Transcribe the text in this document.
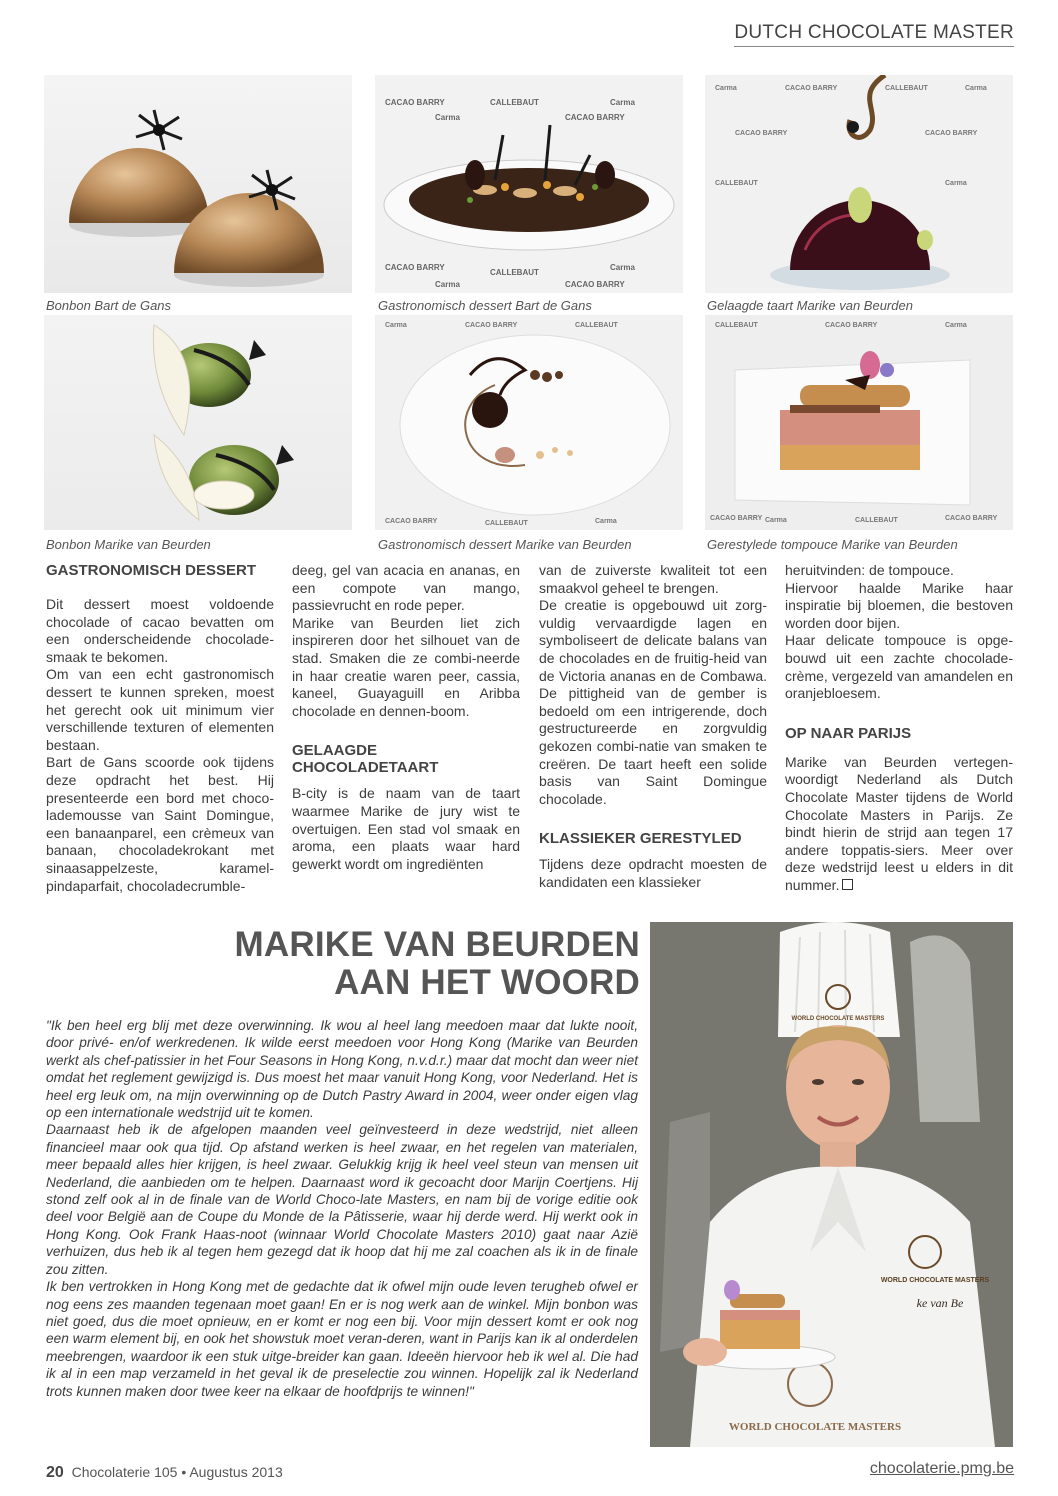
DUTCH CHOCOLATE MASTER
Bonbon Bart de Gans
CACAO BARRY	CALLEBAUT	Carma
Carma	CACAO BARRY
CACAO BARRY
CALLEBAUT
Carma
Carma	CACAO BARRY
Gastronomisch dessert Bart de Gans
Carma	CACAO BARRY	CALLEBAUT	Carma
CACAO BARRY	CACAO BARRY
CALLEBAUT	Carma
Gelaagde taart Marike van Beurden
Bonbon Marike van Beurden
Carma	CACAO BARRY	CALLEBAUT
CACAO BARRY	CALLEBAUT	Carma
Gastronomisch dessert Marike van Beurden
CALLEBAUT	CACAO BARRY	Carma
CACAO BARRY Carma	CALLEBAUT	CACAO BARRY
Gerestylede tompouce Marike van Beurden
GASTRONOMISCH DESSERT

Dit dessert moest voldoende chocolade of cacao bevatten om een onderscheidende chocolade-smaak te bekomen.

Om van een echt gastronomisch dessert te kunnen spreken, moest het gerecht ook uit minimum vier verschillende texturen of elementen bestaan.

Bart de Gans scoorde ook tijdens deze opdracht het best. Hij presenteerde een bord met choco-lademousse van Saint Domingue, een banaanparel, een crèmeux van banaan, chocoladekrokant met sinaasappelzeste, karamel-pindaparfait, chocoladecrumble-

deeg, gel van acacia en ananas, en een compote van mango, passievrucht en rode peper.

Marike van Beurden liet zich inspireren door het silhouet van de stad. Smaken die ze combi-neerde in haar creatie waren peer, cassia, kaneel, Guayaguill en Aribba chocolade en dennen-boom.

GELAAGDE CHOCOLADETAART

B-city is de naam van de taart waarmee Marike de jury wist te overtuigen. Een stad vol smaak en aroma, een plaats waar hard gewerkt wordt om ingrediënten

van de zuiverste kwaliteit tot een smaakvol geheel te brengen.

De creatie is opgebouwd uit zorg-vuldig vervaardigde lagen en symboliseert de delicate balans van de chocolades en de fruitig-heid van de Victoria ananas en de Combawa. De pittigheid van de gember is bedoeld om een intrigerende, doch gestructureerde en zorgvuldig gekozen combi-natie van smaken te creëren. De taart heeft een solide basis van Saint Domingue chocolade.

KLASSIEKER GERESTYLED

Tijdens deze opdracht moesten de kandidaten een klassieker

heruitvinden: de tompouce.

Hiervoor haalde Marike haar inspiratie bij bloemen, die bestoven worden door bijen.

Haar delicate tompouce is opge-bouwd uit een zachte chocolade-crème, vergezeld van amandelen en oranjebloesem.

OP NAAR PARIJS

Marike van Beurden vertegen-woordigt Nederland als Dutch Chocolate Master tijdens de World Chocolate Masters in Parijs. Ze bindt hierin de strijd aan tegen 17 andere toppatis-siers. Meer over deze wedstrijd leest u elders in dit nummer.

MARIKE VAN BEURDEN
AAN HET WOORD

"Ik ben heel erg blij met deze overwinning. Ik wou al heel lang meedoen maar dat lukte nooit, door privé- en/of werkredenen. Ik wilde eerst meedoen voor Hong Kong (Marike van Beurden werkt als chef-patissier in het Four Seasons in Hong Kong, n.v.d.r.) maar dat mocht dan weer niet omdat het reglement gewijzigd is. Dus moest het maar vanuit Hong Kong, voor Nederland. Het is heel erg leuk om, na mijn overwinning op de Dutch Pastry Award in 2004, weer onder eigen vlag op een internationale wedstrijd uit te komen.

Daarnaast heb ik de afgelopen maanden veel geïnvesteerd in deze wedstrijd, niet alleen financieel maar ook qua tijd. Op afstand werken is heel zwaar, en het regelen van materialen, meer bepaald alles hier krijgen, is heel zwaar. Gelukkig krijg ik heel veel steun van mensen uit Nederland, die aanbieden om te helpen. Daarnaast word ik gecoacht door Marijn Coertjens. Hij stond zelf ook al in de finale van de World Choco-late Masters, en nam bij de vorige editie ook deel voor België aan de Coupe du Monde de la Pâtisserie, waar hij derde werd. Hij werkt ook in Hong Kong. Ook Frank Haas-noot (winnaar World Chocolate Masters 2010) gaat naar Azië verhuizen, dus heb ik al tegen hem gezegd dat ik hoop dat hij me zal coachen als ik in de finale zou zitten.

Ik ben vertrokken in Hong Kong met de gedachte dat ik ofwel mijn oude leven terugheb ofwel er nog eens zes maanden tegenaan moet gaan! En er is nog werk aan de winkel. Mijn bonbon was niet goed, dus die moet opnieuw, en er komt er nog een bij. Voor mijn dessert komt er ook nog een warm element bij, en ook het showstuk moet veran-deren, want in Parijs kan ik al onderdelen meebrengen, waardoor ik een stuk uitge-breider kan gaan. Ideeën hiervoor heb ik wel al. Die had ik al in een map verzameld in het geval ik de preselectie zou winnen. Hopelijk zal ik Nederland trots kunnen maken door twee keer na elkaar de hoofdprijs te winnen!"

WORLD CHOCOLATE MASTERS
WORLD CHOCOLATE MASTERS
ke van Be
WORLD CHOCOLATE MASTERS
20 Chocolaterie 105 • Augustus 2013	chocolaterie.pmg.be
